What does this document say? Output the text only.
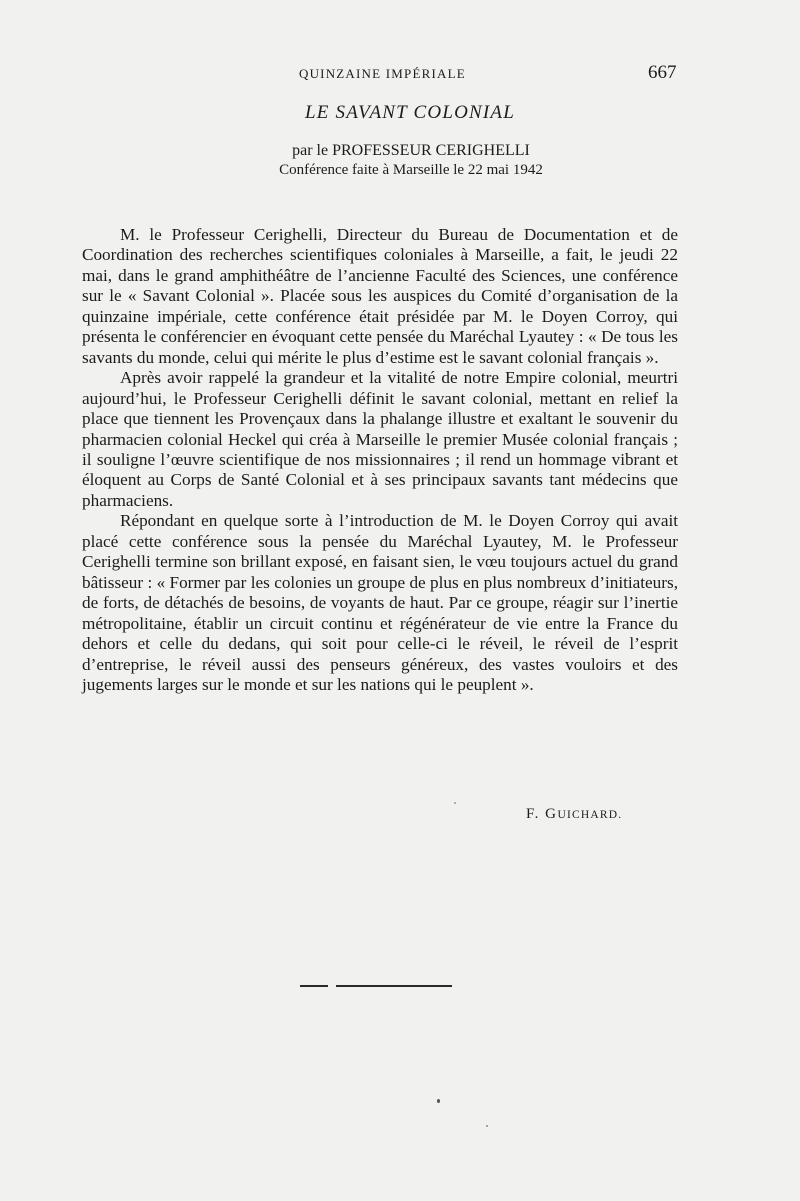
QUINZAINE IMPÉRIALE	667
LE SAVANT COLONIAL
par le PROFESSEUR CERIGHELLI
Conférence faite à Marseille le 22 mai 1942

M. le Professeur Cerighelli, Directeur du Bureau de Documentation et de Coordination des recherches scientifiques coloniales à Marseille, a fait, le jeudi 22 mai, dans le grand amphithéâtre de l’ancienne Faculté des Sciences, une conférence sur le « Savant Colonial ». Placée sous les auspices du Comité d’organisation de la quinzaine impériale, cette conférence était présidée par M. le Doyen Corroy, qui présenta le conférencier en évoquant cette pensée du Maréchal Lyautey : « De tous les savants du monde, celui qui mérite le plus d’estime est le savant colonial français ».

Après avoir rappelé la grandeur et la vitalité de notre Empire colonial, meurtri aujourd’hui, le Professeur Cerighelli définit le savant colonial, mettant en relief la place que tiennent les Provençaux dans la phalange illustre et exaltant le souvenir du pharmacien colonial Heckel qui créa à Marseille le premier Musée colonial français ; il souligne l’œuvre scientifique de nos missionnaires ; il rend un hommage vibrant et éloquent au Corps de Santé Colonial et à ses principaux savants tant médecins que pharmaciens.

Répondant en quelque sorte à l’introduction de M. le Doyen Corroy qui avait placé cette conférence sous la pensée du Maréchal Lyautey, M. le Professeur Cerighelli termine son brillant exposé, en faisant sien, le vœu toujours actuel du grand bâtisseur : « Former par les colonies un groupe de plus en plus nombreux d’initiateurs, de forts, de détachés de besoins, de voyants de haut. Par ce groupe, réagir sur l’inertie métropolitaine, établir un circuit continu et régénérateur de vie entre la France du dehors et celle du dedans, qui soit pour celle-ci le réveil, le réveil de l’esprit d’entreprise, le réveil aussi des penseurs généreux, des vastes vouloirs et des jugements larges sur le monde et sur les nations qui le peuplent ».

F. GUICHARD.
